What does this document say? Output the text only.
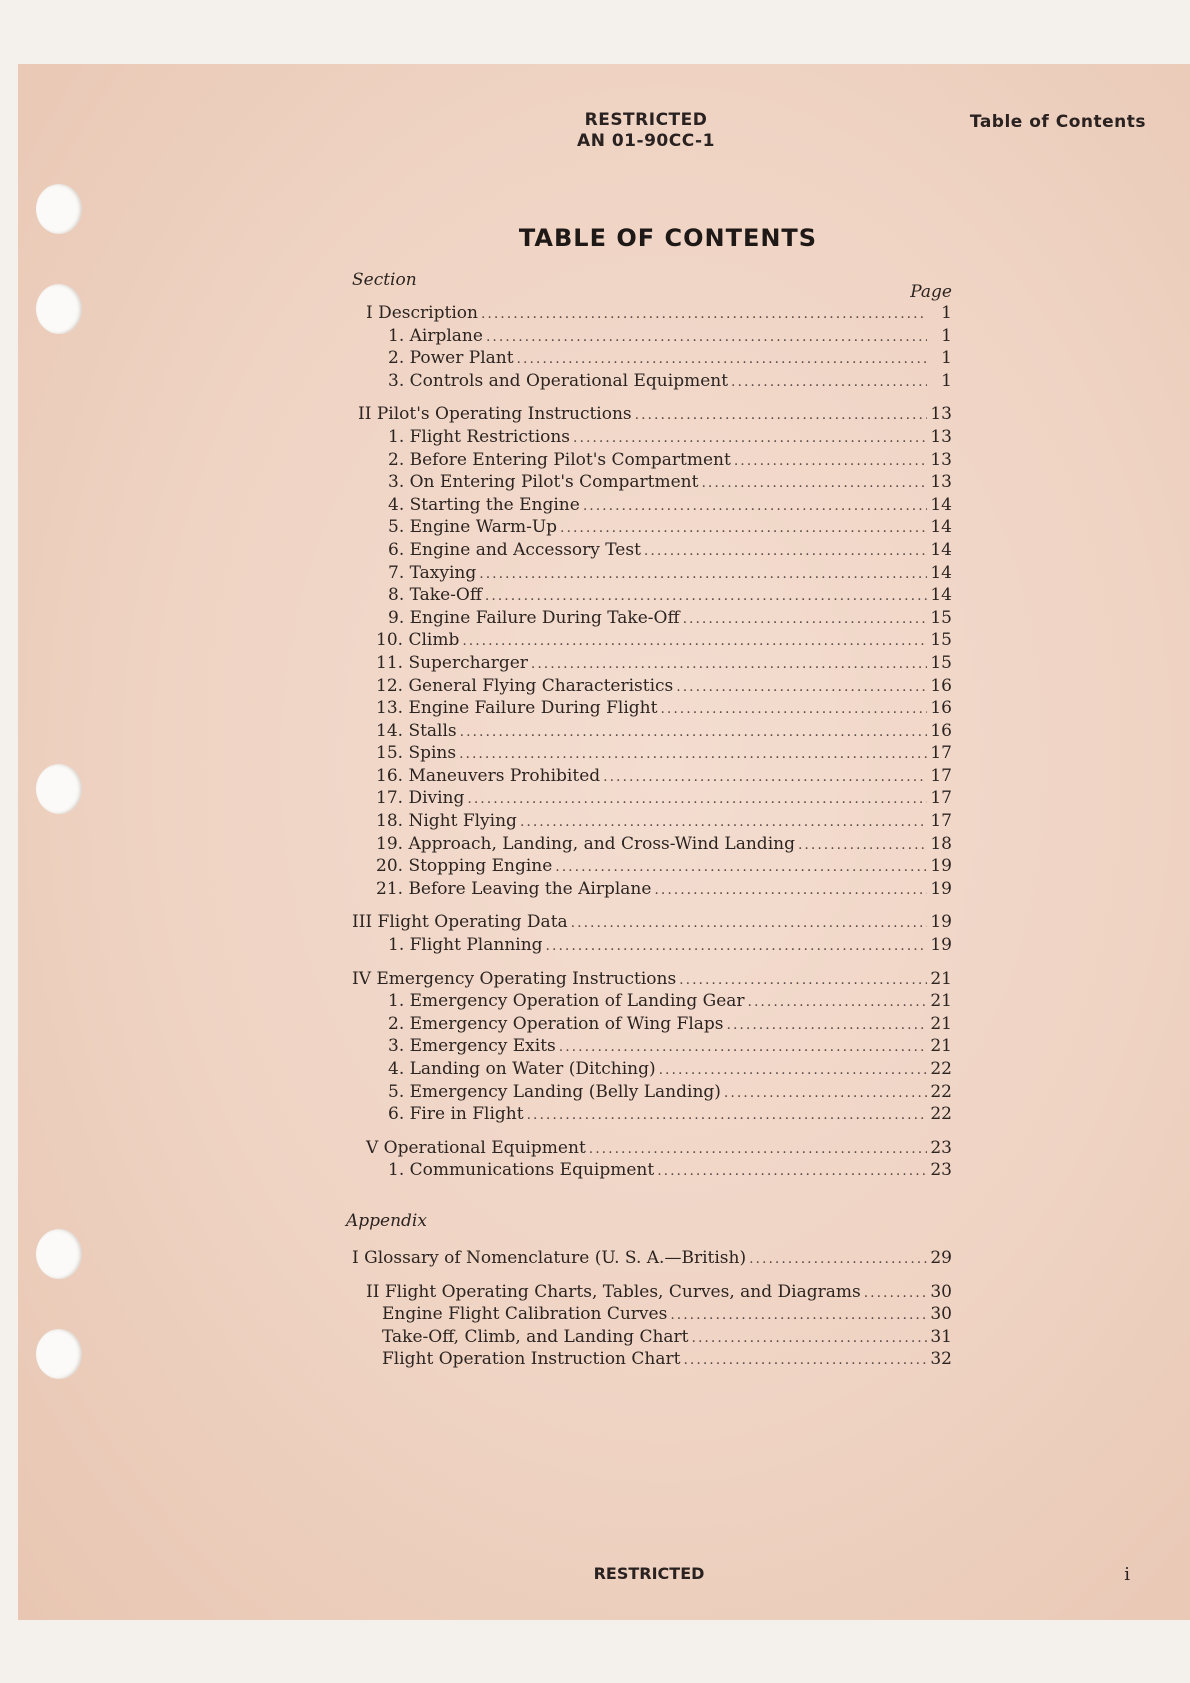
RESTRICTED
AN 01-90CC-1
Table of Contents
TABLE OF CONTENTS
Section
Page
I Description .....	1
1. Airplane .....	1
2. Power Plant .....	1
3. Controls and Operational Equipment .....	1
II Pilot's Operating Instructions .....	13
1. Flight Restrictions .....	13
2. Before Entering Pilot's Compartment .....	13
3. On Entering Pilot's Compartment .....	13
4. Starting the Engine .....	14
5. Engine Warm-Up .....	14
6. Engine and Accessory Test .....	14
7. Taxying .....	14
8. Take-Off .....	14
9. Engine Failure During Take-Off .....	15
10. Climb .....	15
11. Supercharger .....	15
12. General Flying Characteristics .....	16
13. Engine Failure During Flight .....	16
14. Stalls .....	16
15. Spins .....	17
16. Maneuvers Prohibited .....	17
17. Diving .....	17
18. Night Flying .....	17
19. Approach, Landing, and Cross-Wind Landing .....	18
20. Stopping Engine .....	19
21. Before Leaving the Airplane .....	19
III Flight Operating Data .....	19
1. Flight Planning .....	19
IV Emergency Operating Instructions .....	21
1. Emergency Operation of Landing Gear .....	21
2. Emergency Operation of Wing Flaps .....	21
3. Emergency Exits .....	21
4. Landing on Water (Ditching) .....	22
5. Emergency Landing (Belly Landing) .....	22
6. Fire in Flight .....	22
V Operational Equipment .....	23
1. Communications Equipment .....	23
Appendix
I Glossary of Nomenclature (U. S. A.—British) .....	29
II Flight Operating Charts, Tables, Curves, and Diagrams .....	30
Engine Flight Calibration Curves .....	30
Take-Off, Climb, and Landing Chart .....	31
Flight Operation Instruction Chart .....	32
RESTRICTED	i
